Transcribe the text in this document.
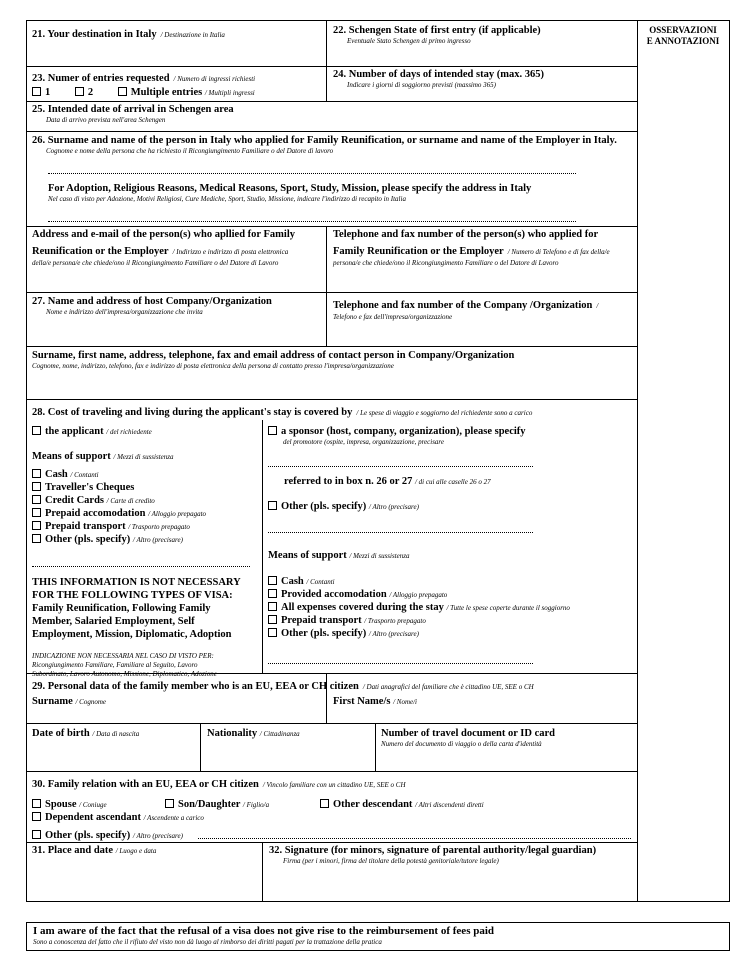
OSSERVAZIONI
E ANNOTAZIONI
21. Your destination in Italy / Destinazione in Italia	22. Schengen State of first entry (if applicable)
Eventuale Stato Schengen di primo ingresso
23. Numer of entries requested / Numero di ingressi richiesti
1	2	Multiple entries / Multipli ingressi
24. Number of days of intended stay (max. 365)
Indicare i giorni di soggiorno previsti (massimo 365)
25. Intended date of arrival in Schengen area
Data di arrivo prevista nell'area Schengen
26. Surname and name of the person in Italy who applied for Family Reunification, or surname and name of the Employer in Italy.
Cognome e nome della persona che ha richiesto il Ricongiungimento Familiare o del Datore di lavoro
For Adoption, Religious Reasons, Medical Reasons, Sport, Study, Mission, please specify the address in Italy
Nel caso di visto per Adozione, Motivi Religiosi, Cure Mediche, Sport, Studio, Missione, indicare l'indirizzo di recapito in Italia
Address and e-mail of the person(s) who apllied for Family
Reunification or the Employer / Indirizzo e indirizzo di posta elettronica
della/e persona/e che chiede/ono il Ricongiungimento Familiare o del Datore di Lavoro
Telephone and fax number of the person(s) who applied for
Family Reunification or the Employer / Numero di Telefono e di fax della/e
persona/e che chiede/ono il Ricongiungimento Familiare o del Datore di Lavoro
27. Name and address of host Company/Organization
Nome e indirizzo dell'impresa/organizzazione che invita
Telephone and fax number of the Company /Organization /
Telefono e fax dell'impresa/organizzazione
Surname, first name, address, telephone, fax and email address of contact person in Company/Organization
Cognome, nome, indirizzo, telefono, fax e indirizzo di posta elettronica della persona di contatto presso l'impresa/organizzazione
28. Cost of traveling and living during the applicant's stay is covered by / Le spese di viaggio e soggiorno del richiedente sono a carico
the applicant / del richiedente
Means of support / Mezzi di sussistenza
Cash / Contanti
Traveller's Cheques
Credit Cards / Carte di credito
Prepaid accomodation / Alloggio prepagato
Prepaid transport / Trasporto prepagato
Other (pls. specify) / Altro (precisare)
THIS INFORMATION IS NOT NECESSARY
FOR THE FOLLOWING TYPES OF VISA:
Family Reunification, Following Family
Member, Salaried Employment, Self
Employment, Mission, Diplomatic, Adoption
INDICAZIONE NON NECESSARIA NEL CASO DI VISTO PER:
Ricongiungimento Familiare, Familiare al Seguito, Lavoro
Subordinato, Lavoro Autonomo, Missione, Diplomatico, Adozione
a sponsor (host, company, organization), please specify
del promotore (ospite, impresa, organizzazione, precisare
referred to in box n. 26 or 27 / di cui alle caselle 26 o 27
Other (pls. specify) / Altro (precisare)
Means of support / Mezzi di sussistenza
Cash / Contanti
Provided accomodation / Alloggio prepagato
All expenses covered during the stay / Tutte le spese coperte durante il soggiorno
Prepaid transport / Trasporto prepagato
Other (pls. specify) / Altro (precisare)
29. Personal data of the family member who is an EU, EEA or CH citizen / Dati anagrafici del familiare che è cittadino UE, SEE o CH
Surname / Cognome	First Name/s / Nome/i
Date of birth / Data di nascita	Nationality / Cittadinanza	Number of travel document or ID card
Numero del documento di viaggio o della carta d'identità
30. Family relation with an EU, EEA or CH citizen / Vincolo familiare con un cittadino UE, SEE o CH
Spouse / Coniuge	Son/Daughter / Figlio/a	Other descendant / Altri discendenti diretti
Dependent ascendant / Ascendente a carico
Other (pls. specify) / Altro (precisare)
31. Place and date / Luogo e data	32. Signature (for minors, signature of parental authority/legal guardian)
Firma (per i minori, firma del titolare della potestà genitoriale/tutore legale)
I am aware of the fact that the refusal of a visa does not give rise to the reimbursement of fees paid
Sono a conoscenza del fatto che il rifiuto del visto non dà luogo al rimborso dei diritti pagati per la trattazione della pratica
